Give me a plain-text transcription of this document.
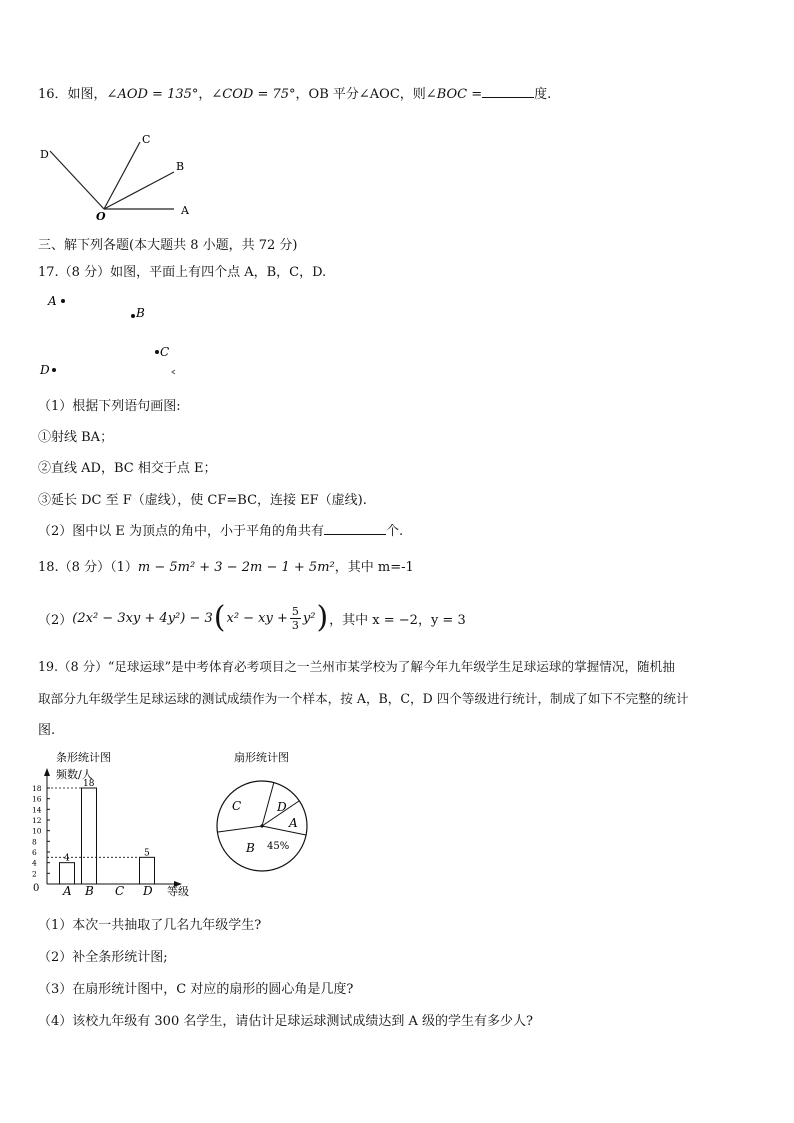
16．如图，∠AOD = 135°，∠COD = 75°，OB 平分∠AOC，则∠BOC =	度.
D
C
B
A
O
三、解下列各题(本大题共 8 小题，共 72 分)
17.（8 分）如图，平面上有四个点 A，B，C，D.
A
B
C
D
（1）根据下列语句画图:
①射线 BA；
②直线 AD，BC 相交于点 E；
③延长 DC 至 F（虚线），使 CF=BC，连接 EF（虚线).
（2）图中以 E 为顶点的角中，小于平角的角共有	个.
18.（8 分）（1）m − 5m² + 3 − 2m − 1 + 5m²，其中 m=-1
（2） (2x² − 3xy + 4y²) − 3 ( x² − xy + $\frac{5}{3} y^2$ ) ，其中 x = −2，y = 3
19.（8 分）“足球运球”是中考体育必考项目之一兰州市某学校为了解今年九年级学生足球运球的掌握情况，随机抽
取部分九年级学生足球运球的测试成绩作为一个样本，按 A，B，C，D 四个等级进行统计，制成了如下不完整的统计
图.
条形统计图
频数/人
等级
0
2
4
6
8
10
12
14
16
18
A
4
B
18
C D
5
扇形统计图
C	D
A
B 45%
（1）本次一共抽取了几名九年级学生?
（2）补全条形统计图;
（3）在扇形统计图中，C 对应的扇形的圆心角是几度?
（4）该校九年级有 300 名学生，请估计足球运球测试成绩达到 A 级的学生有多少人?
